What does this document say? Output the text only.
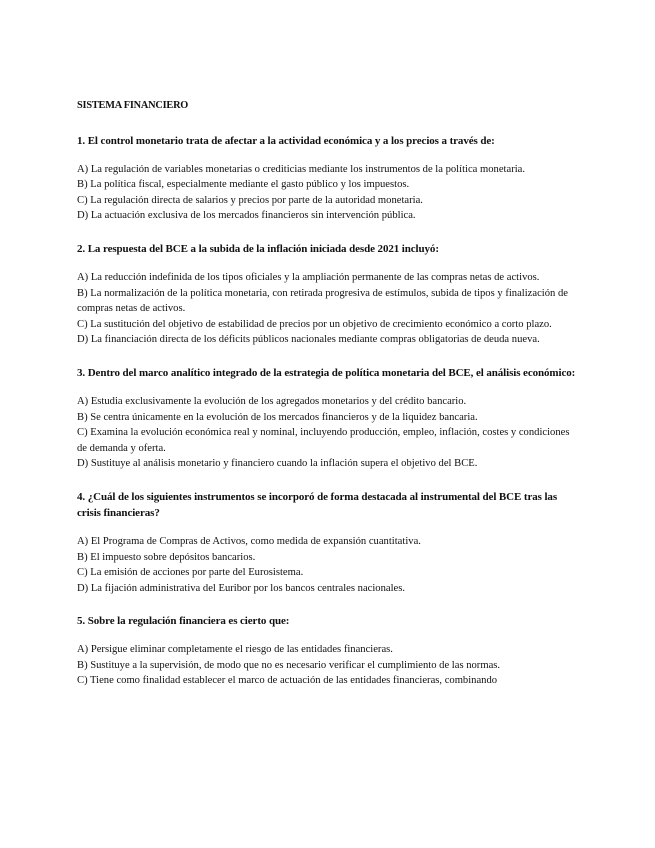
SISTEMA FINANCIERO
1. El control monetario trata de afectar a la actividad económica y a los precios a través de:
A) La regulación de variables monetarias o crediticias mediante los instrumentos de la política monetaria.
B) La política fiscal, especialmente mediante el gasto público y los impuestos.
C) La regulación directa de salarios y precios por parte de la autoridad monetaria.
D) La actuación exclusiva de los mercados financieros sin intervención pública.
2. La respuesta del BCE a la subida de la inflación iniciada desde 2021 incluyó:
A) La reducción indefinida de los tipos oficiales y la ampliación permanente de las compras netas de activos.
B) La normalización de la política monetaria, con retirada progresiva de estímulos, subida de tipos y finalización de compras netas de activos.
C) La sustitución del objetivo de estabilidad de precios por un objetivo de crecimiento económico a corto plazo.
D) La financiación directa de los déficits públicos nacionales mediante compras obligatorias de deuda nueva.
3. Dentro del marco analítico integrado de la estrategia de política monetaria del BCE, el análisis económico:
A) Estudia exclusivamente la evolución de los agregados monetarios y del crédito bancario.
B) Se centra únicamente en la evolución de los mercados financieros y de la liquidez bancaria.
C) Examina la evolución económica real y nominal, incluyendo producción, empleo, inflación, costes y condiciones de demanda y oferta.
D) Sustituye al análisis monetario y financiero cuando la inflación supera el objetivo del BCE.
4. ¿Cuál de los siguientes instrumentos se incorporó de forma destacada al instrumental del BCE tras las crisis financieras?
A) El Programa de Compras de Activos, como medida de expansión cuantitativa.
B) El impuesto sobre depósitos bancarios.
C) La emisión de acciones por parte del Eurosistema.
D) La fijación administrativa del Euribor por los bancos centrales nacionales.
5. Sobre la regulación financiera es cierto que:
A) Persigue eliminar completamente el riesgo de las entidades financieras.
B) Sustituye a la supervisión, de modo que no es necesario verificar el cumplimiento de las normas.
C) Tiene como finalidad establecer el marco de actuación de las entidades financieras, combinando
